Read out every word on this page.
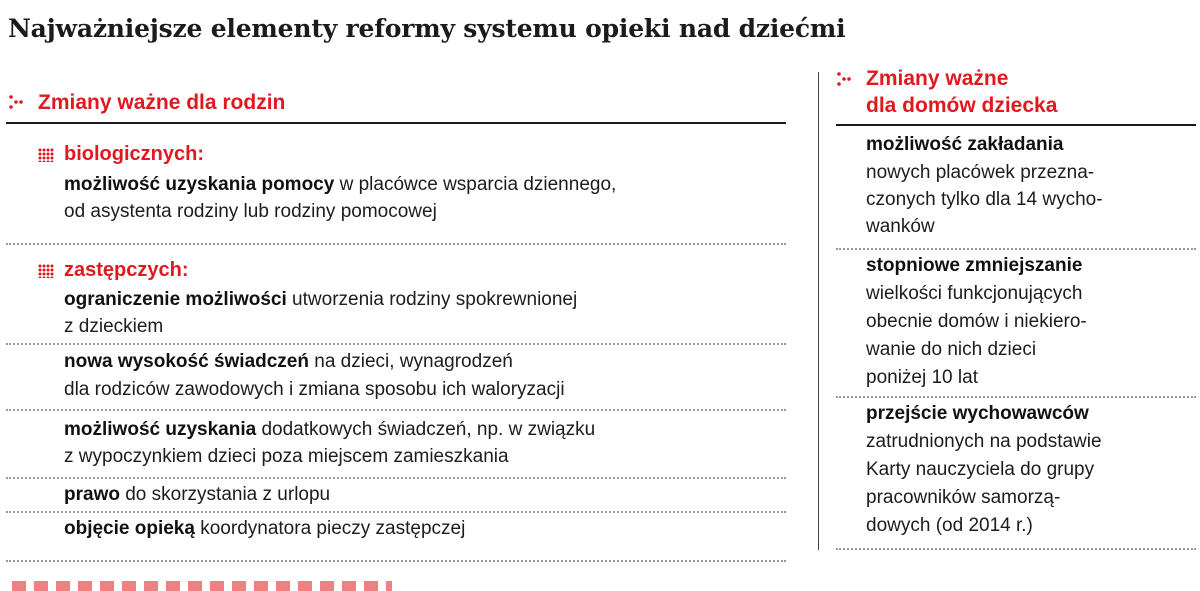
Najważniejsze elementy reformy systemu opieki nad dziećmi
Zmiany ważne dla rodzin
biologicznych:
możliwość uzyskania pomocy w placówce wsparcia dziennego,
od asystenta rodziny lub rodziny pomocowej
zastępczych:
ograniczenie możliwości utworzenia rodziny spokrewnionej
z dzieckiem
nowa wysokość świadczeń na dzieci, wynagrodzeń
dla rodziców zawodowych i zmiana sposobu ich waloryzacji
możliwość uzyskania dodatkowych świadczeń, np. w związku
z wypoczynkiem dzieci poza miejscem zamieszkania
prawo do skorzystania z urlopu
objęcie opieką koordynatora pieczy zastępczej
Zmiany ważne
dla domów dziecka
możliwość zakładania
nowych placówek przezna-
czonych tylko dla 14 wycho-
wanków
stopniowe zmniejszanie
wielkości funkcjonujących
obecnie domów i niekiero-
wanie do nich dzieci
poniżej 10 lat
przejście wychowawców
zatrudnionych na podstawie
Karty nauczyciela do grupy
pracowników samorzą-
dowych (od 2014 r.)
